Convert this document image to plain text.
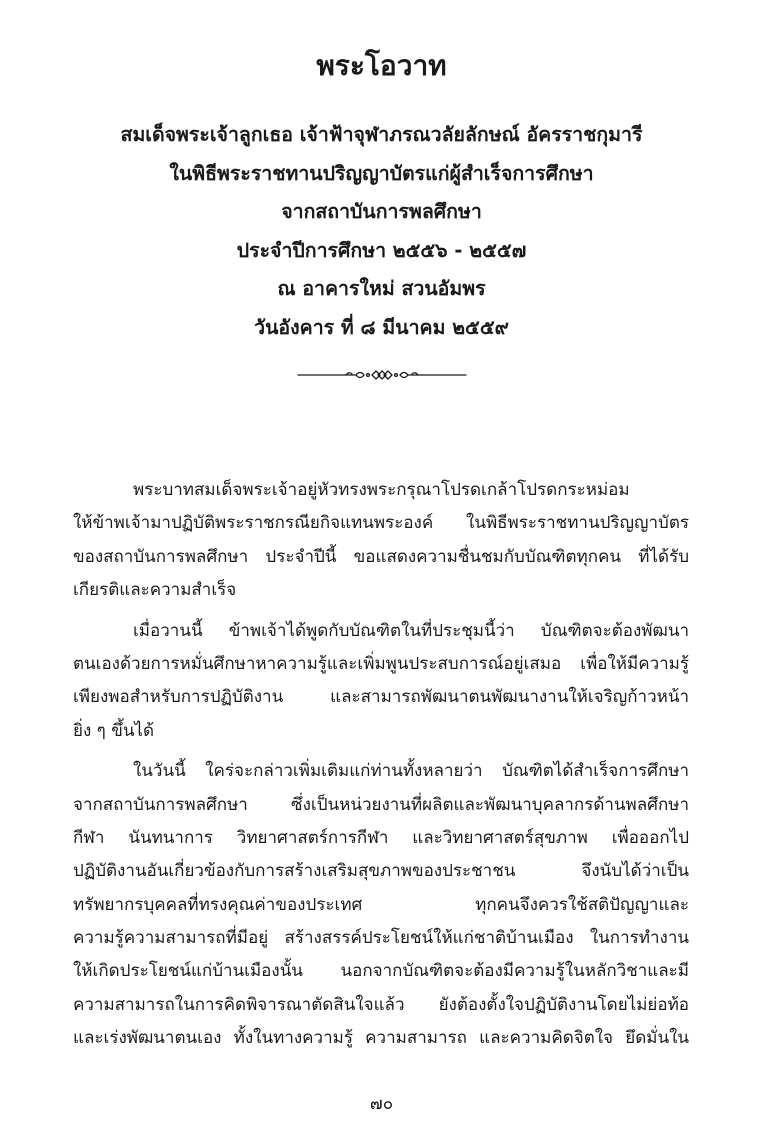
พระโอวาท
สมเด็จพระเจ้าลูกเธอ เจ้าฟ้าจุฬาภรณวลัยลักษณ์ อัครราชกุมารี
ในพิธีพระราชทานปริญญาบัตรแก่ผู้สำเร็จการศึกษา
จากสถาบันการพลศึกษา
ประจำปีการศึกษา ๒๕๕๖ - ๒๕๕๗
ณ อาคารใหม่ สวนอัมพร
วันอังคาร ที่ ๘ มีนาคม ๒๕๕๙
พระบาทสมเด็จพระเจ้าอยู่หัวทรงพระกรุณาโปรดเกล้าโปรดกระหม่อม
ให้ข้าพเจ้ามาปฏิบัติพระราชกรณียกิจแทนพระองค์ ในพิธีพระราชทานปริญญาบัตร
ของสถาบันการพลศึกษา ประจำปีนี้ ขอแสดงความชื่นชมกับบัณฑิตทุกคน ที่ได้รับ
เกียรติและความสำเร็จ
เมื่อวานนี้ ข้าพเจ้าได้พูดกับบัณฑิตในที่ประชุมนี้ว่า บัณฑิตจะต้องพัฒนา
ตนเองด้วยการหมั่นศึกษาหาความรู้และเพิ่มพูนประสบการณ์อยู่เสมอ เพื่อให้มีความรู้
เพียงพอสำหรับการปฏิบัติงาน และสามารถพัฒนาตนพัฒนางานให้เจริญก้าวหน้า
ยิ่ง ๆ ขึ้นได้
ในวันนี้ ใคร่จะกล่าวเพิ่มเติมแก่ท่านทั้งหลายว่า บัณฑิตได้สำเร็จการศึกษา
จากสถาบันการพลศึกษา ซึ่งเป็นหน่วยงานที่ผลิตและพัฒนาบุคลากรด้านพลศึกษา
กีฬา นันทนาการ วิทยาศาสตร์การกีฬา และวิทยาศาสตร์สุขภาพ เพื่อออกไป
ปฏิบัติงานอันเกี่ยวข้องกับการสร้างเสริมสุขภาพของประชาชน จึงนับได้ว่าเป็น
ทรัพยากรบุคคลที่ทรงคุณค่าของประเทศ ทุกคนจึงควรใช้สติปัญญาและ
ความรู้ความสามารถที่มีอยู่ สร้างสรรค์ประโยชน์ให้แก่ชาติบ้านเมือง ในการทำงาน
ให้เกิดประโยชน์แก่บ้านเมืองนั้น นอกจากบัณฑิตจะต้องมีความรู้ในหลักวิชาและมี
ความสามารถในการคิดพิจารณาตัดสินใจแล้ว ยังต้องตั้งใจปฏิบัติงานโดยไม่ย่อท้อ
และเร่งพัฒนาตนเอง ทั้งในทางความรู้ ความสามารถ และความคิดจิตใจ ยึดมั่นใน
๗๐
